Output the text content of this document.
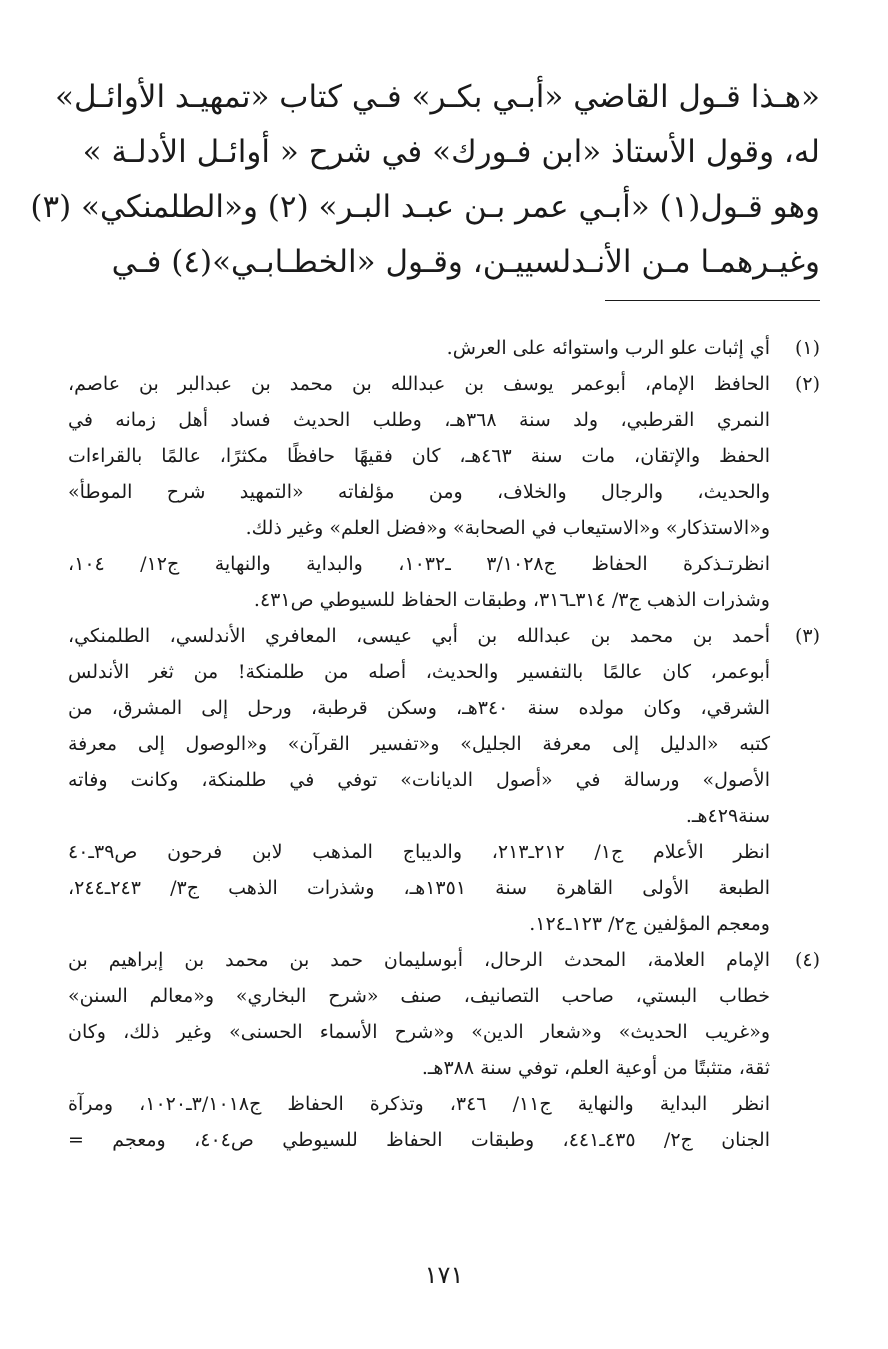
«هـذا قـول القاضي «أبـي بكـر» فـي كتاب «تمهيـد الأوائـل»
له، وقول الأستاذ «ابن فـورك» في شرح « أوائـل الأدلـة »
وهو قـول(١) «أبـي عمر بـن عبـد البـر» (٢) و«الطلمنكي» (٣)
وغيـرهمـا مـن الأنـدلسييـن، وقـول «الخطـابـي»(٤) فـي
(١)
أي إثبات علو الرب واستوائه على العرش.
(٢)
الحافظ الإمام، أبوعمر يوسف بن عبدالله بن محمد بن عبدالبر بن عاصم،
النمري القرطبي، ولد سنة ٣٦٨هـ، وطلب الحديث فساد أهل زمانه في
الحفظ والإتقان، مات سنة ٤٦٣هـ، كان فقيهًا حافظًا مكثرًا، عالمًا بالقراءات
والحديث، والرجال والخلاف، ومن مؤلفاته «التمهيد شرح الموطأ»
و«الاستذكار» و«الاستيعاب في الصحابة» و«فضل العلم» وغير ذلك.
انظرتـذكرة الحفاظ ج٣/١٠٢٨ ـ١٠٣٢، والبداية والنهاية ج١٢/ ١٠٤،
وشذرات الذهب ج٣/ ٣١٤ـ٣١٦، وطبقات الحفاظ للسيوطي ص٤٣١.
(٣)
أحمد بن محمد بن عبدالله بن أبي عيسى، المعافري الأندلسي، الطلمنكي،
أبوعمر، كان عالمًا بالتفسير والحديث، أصله من طلمنكة! من ثغر الأندلس
الشرقي، وكان مولده سنة ٣٤٠هـ، وسكن قرطبة، ورحل إلى المشرق، من
كتبه «الدليل إلى معرفة الجليل» و«تفسير القرآن» و«الوصول إلى معرفة
الأصول» ورسالة في «أصول الديانات» توفي في طلمنكة، وكانت وفاته
سنة٤٢٩هـ.
انظر الأعلام ج١/ ٢١٢ـ٢١٣، والديباج المذهب لابن فرحون ص٣٩ـ٤٠
الطبعة الأولى القاهرة سنة ١٣٥١هـ، وشذرات الذهب ج٣/ ٢٤٣ـ٢٤٤،
ومعجم المؤلفين ج٢/ ١٢٣ـ١٢٤.
(٤)
الإمام العلامة، المحدث الرحال، أبوسليمان حمد بن محمد بن إبراهيم بن
خطاب البستي، صاحب التصانيف، صنف «شرح البخاري» و«معالم السنن»
و«غريب الحديث» و«شعار الدين» و«شرح الأسماء الحسنى» وغير ذلك، وكان
ثقة، متثبتًا من أوعية العلم، توفي سنة ٣٨٨هـ.
انظر البداية والنهاية ج١١/ ٣٤٦، وتذكرة الحفاظ ج٣/١٠١٨ـ١٠٢٠، ومرآة
الجنان ج٢/ ٤٣٥ـ٤٤١، وطبقات الحفاظ للسيوطي ص٤٠٤، ومعجم =
١٧١
